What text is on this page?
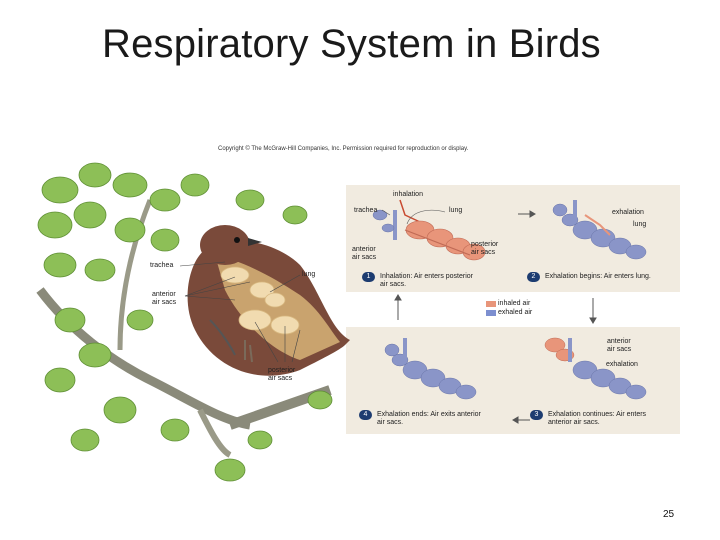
Respiratory System in Birds
Copyright © The McGraw-Hill Companies, Inc. Permission required for reproduction or display.
trachea
lung
anterior
air sacs
posterior
air sacs
inhalation
trachea	lung
anterior
air sacs
posterior
air sacs
1	Inhalation: Air enters posterior
air sacs.
exhalation
lung
2	Exhalation begins: Air enters lung.
inhaled air
exhaled air
anterior
air sacs
exhalation
3	Exhalation continues: Air enters
anterior air sacs.
4	Exhalation ends: Air exits anterior
air sacs.
25
